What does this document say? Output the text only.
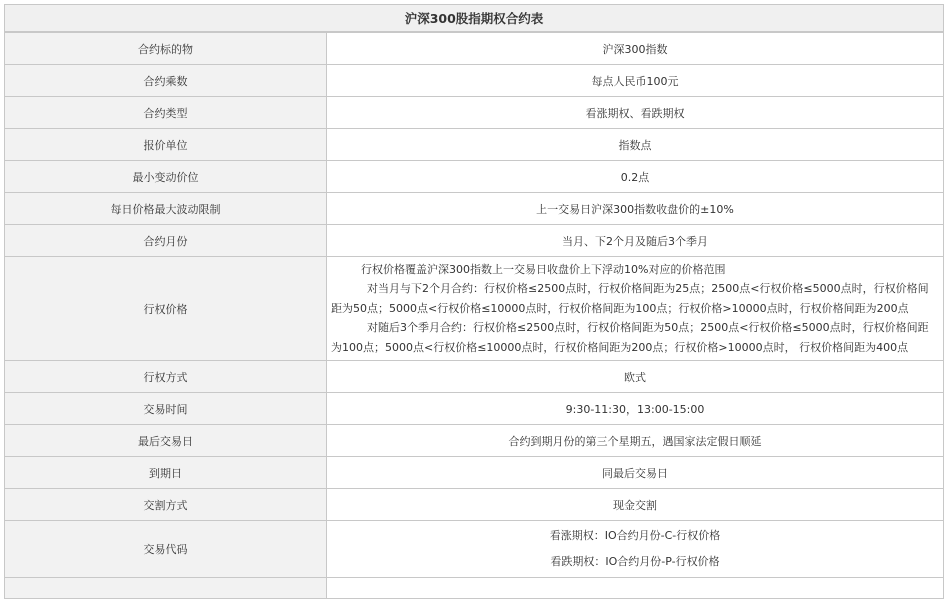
沪深300股指期权合约表
合约标的物	沪深300指数
合约乘数	每点人民币100元
合约类型	看涨期权、看跌期权
报价单位	指数点
最小变动价位	0.2点
每日价格最大波动限制	上一交易日沪深300指数收盘价的±10%
合约月份	当月、下2个月及随后3个季月
行权价格	行权价格覆盖沪深300指数上一交易日收盘价上下浮动10%对应的价格范围
对当月与下2个月合约：行权价格≤2500点时，行权价格间距为25点；2500点<行权价格≤5000点时，行权价格间距为50点；5000点<行权价格≤10000点时，行权价格间距为100点；行权价格>10000点时，行权价格间距为200点
对随后3个季月合约：行权价格≤2500点时，行权价格间距为50点；2500点<行权价格≤5000点时，行权价格间距为100点；5000点<行权价格≤10000点时，行权价格间距为200点；行权价格>10000点时， 行权价格间距为400点

行权方式	欧式
交易时间	9:30-11:30，13:00-15:00
最后交易日	合约到期月份的第三个星期五，遇国家法定假日顺延
到期日	同最后交易日
交割方式	现金交割
交易代码	看涨期权：IO合约月份-C-行权价格
看跌期权：IO合约月份-P-行权价格
